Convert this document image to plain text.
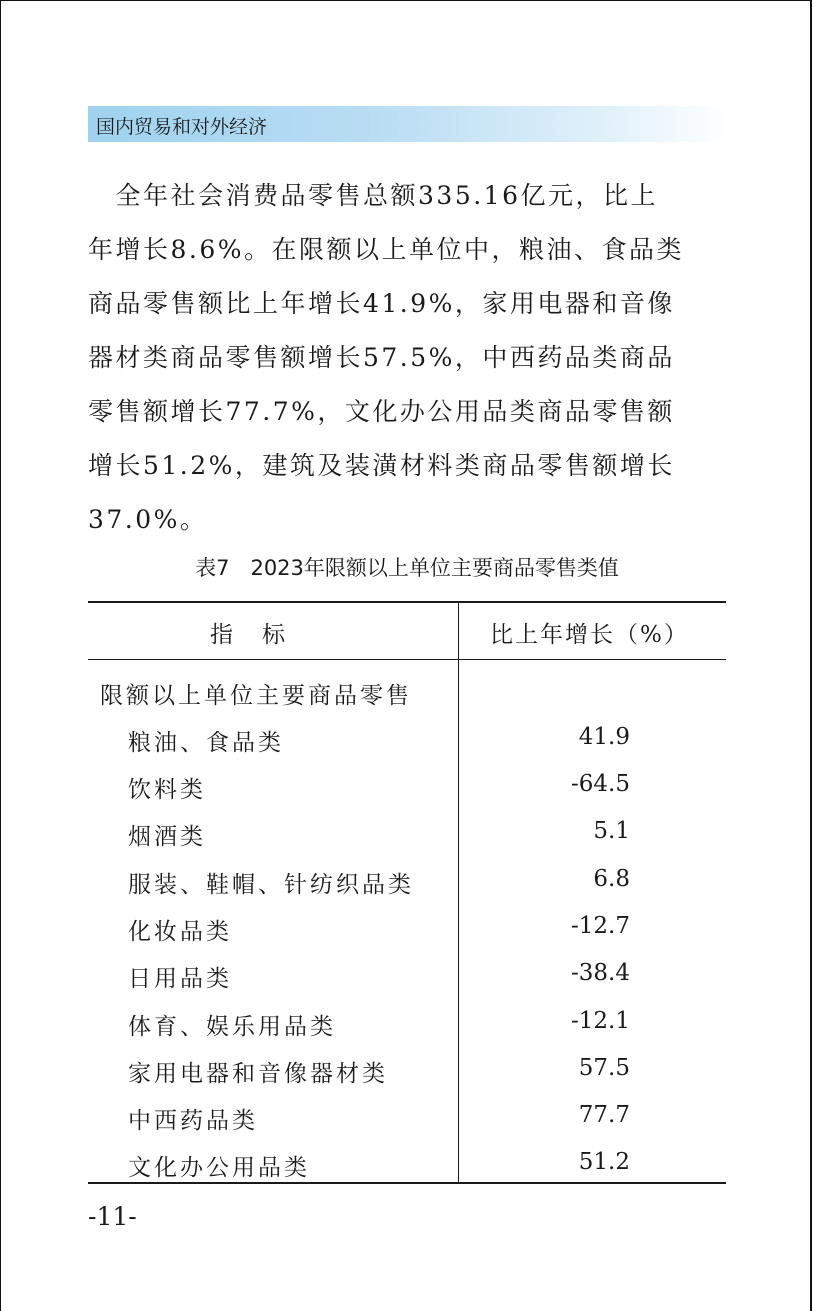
国内贸易和对外经济
　全年社会消费品零售总额335.16亿元，比上
年增长8.6%。在限额以上单位中，粮油、食品类
商品零售额比上年增长41.9%，家用电器和音像
器材类商品零售额增长57.5%，中西药品类商品
零售额增长77.7%，文化办公用品类商品零售额
增长51.2%，建筑及装潢材料类商品零售额增长
37.0%。
表7　2023年限额以上单位主要商品零售类值
指　标	比上年增长（%）
限额以上单位主要商品零售
粮油、食品类	41.9
饮料类	-64.5
烟酒类	5.1
服装、鞋帽、针纺织品类	6.8
化妆品类	-12.7
日用品类	-38.4
体育、娱乐用品类	-12.1
家用电器和音像器材类	57.5
中西药品类	77.7
文化办公用品类	51.2
-11-
